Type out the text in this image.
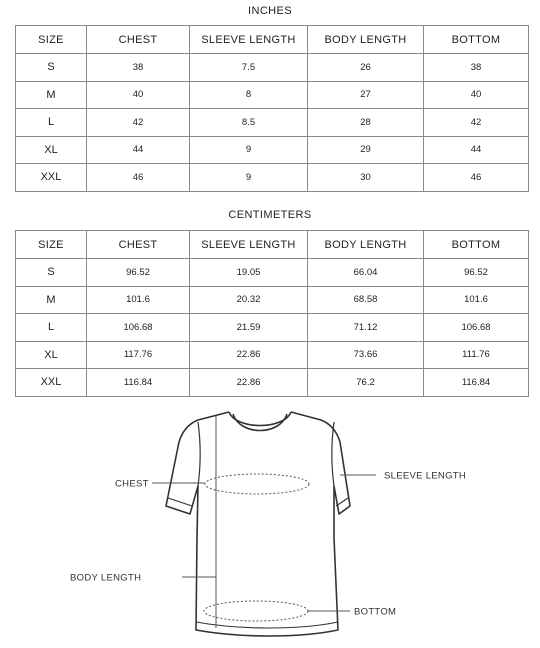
INCHES
SIZE	CHEST	SLEEVE LENGTH	BODY LENGTH	BOTTOM
S	38	7.5	26	38
M	40	8	27	40
L	42	8.5	28	42
XL	44	9	29	44
XXL	46	9	30	46
CENTIMETERS
SIZE	CHEST	SLEEVE LENGTH	BODY LENGTH	BOTTOM
S	96.52	19.05	66.04	96.52
M	101.6	20.32	68.58	101.6
L	106.68	21.59	71.12	106.68
XL	117.76	22.86	73.66	111.76
XXL	116.84	22.86	76.2	116.84
CHEST
SLEEVE LENGTH
BODY LENGTH
BOTTOM
